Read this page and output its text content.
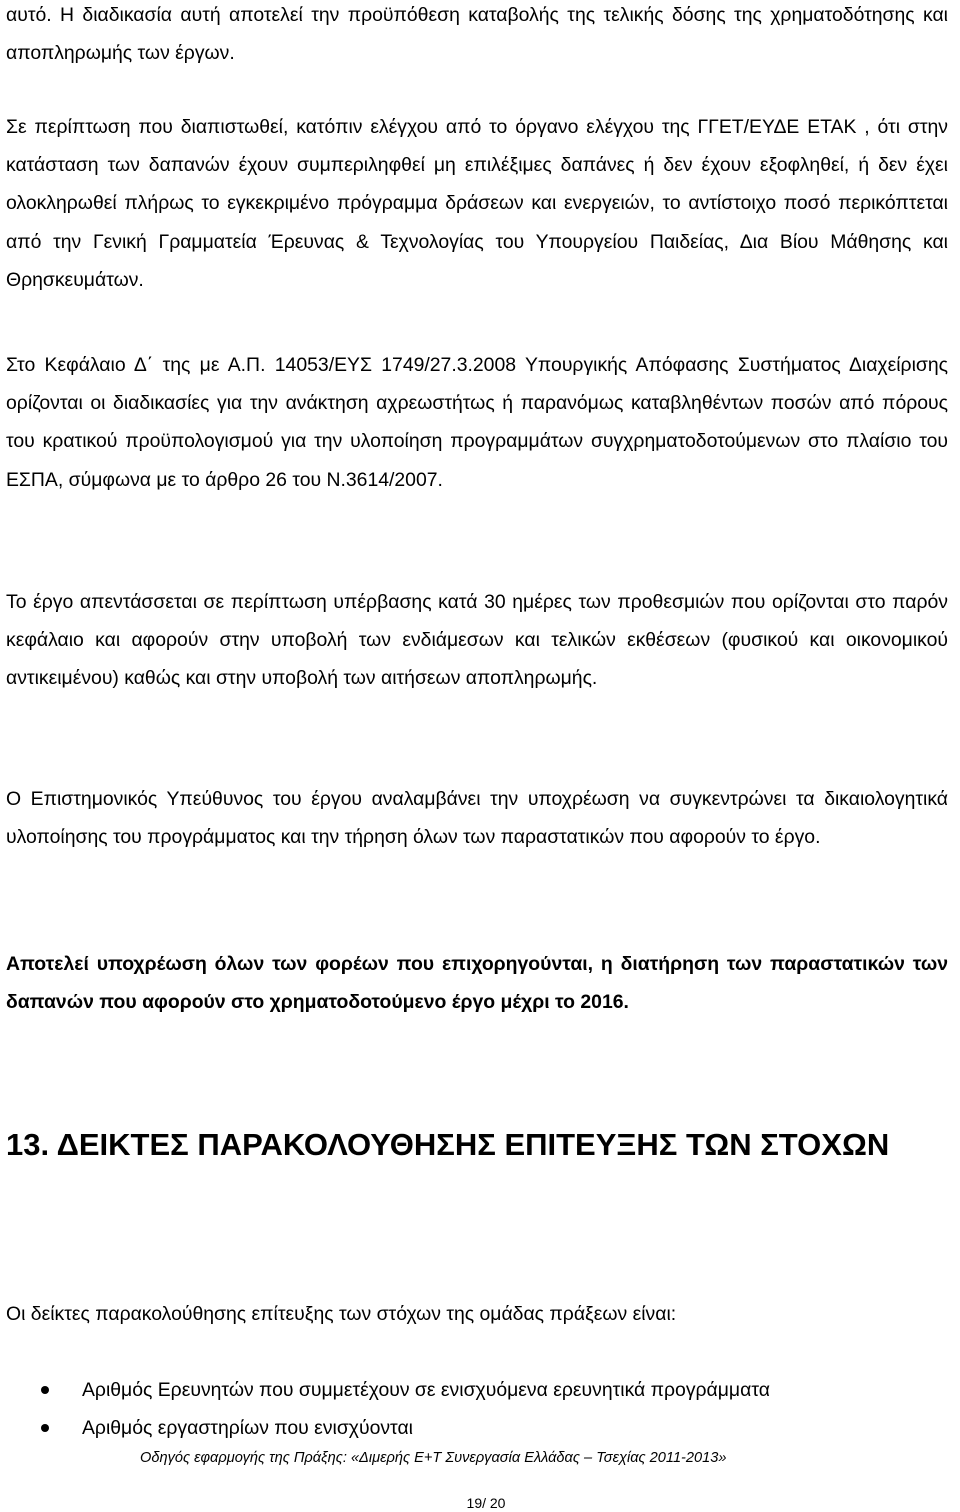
αυτό. Η διαδικασία αυτή αποτελεί την προϋπόθεση καταβολής της τελικής δόσης της χρηματοδότησης και αποπληρωμής των έργων.

Σε περίπτωση που διαπιστωθεί, κατόπιν ελέγχου από το όργανο ελέγχου της ΓΓΕΤ/ΕΥΔΕ ΕΤΑΚ , ότι στην κατάσταση των δαπανών έχουν συμπεριληφθεί μη επιλέξιμες δαπάνες ή δεν έχουν εξοφληθεί, ή δεν έχει ολοκληρωθεί πλήρως το εγκεκριμένο πρόγραμμα δράσεων και ενεργειών, το αντίστοιχο ποσό περικόπτεται από την Γενική Γραμματεία Έρευνας & Τεχνολογίας του Υπουργείου Παιδείας, Δια Βίου Μάθησης και Θρησκευμάτων.

Στο Κεφάλαιο Δ΄ της με Α.Π. 14053/ΕΥΣ 1749/27.3.2008 Υπουργικής Απόφασης Συστήματος Διαχείρισης ορίζονται οι διαδικασίες για την ανάκτηση αχρεωστήτως ή παρανόμως καταβληθέντων ποσών από πόρους του κρατικού προϋπολογισμού για την υλοποίηση προγραμμάτων συγχρηματοδοτούμενων στο πλαίσιο του ΕΣΠΑ, σύμφωνα με το άρθρο 26 του Ν.3614/2007.

Το έργο απεντάσσεται σε περίπτωση υπέρβασης κατά 30 ημέρες των προθεσμιών που ορίζονται στο παρόν κεφάλαιο και αφορούν στην υποβολή των ενδιάμεσων και τελικών εκθέσεων (φυσικού και οικονομικού αντικειμένου) καθώς και στην υποβολή των αιτήσεων αποπληρωμής.

Ο Επιστημονικός Υπεύθυνος του έργου αναλαμβάνει την υποχρέωση να συγκεντρώνει τα δικαιολογητικά υλοποίησης του προγράμματος και την τήρηση όλων των παραστατικών που αφορούν το έργο.

Αποτελεί υποχρέωση όλων των φορέων που επιχορηγούνται, η διατήρηση των παραστατικών των δαπανών που αφορούν στο χρηματοδοτούμενο έργο μέχρι το 2016.

13. ΔΕΙΚΤΕΣ ΠΑΡΑΚΟΛΟΥΘΗΣΗΣ ΕΠΙΤΕΥΞΗΣ ΤΩΝ ΣΤΟΧΩΝ

Οι δείκτες παρακολούθησης επίτευξης των στόχων της ομάδας πράξεων είναι:

Αριθμός Ερευνητών που συμμετέχουν σε ενισχυόμενα ερευνητικά προγράμματα
Αριθμός εργαστηρίων που ενισχύονται
Οδηγός εφαρμογής της Πράξης: «Διμερής Ε+Τ Συνεργασία Ελλάδας – Τσεχίας 2011-2013»
19/ 20
